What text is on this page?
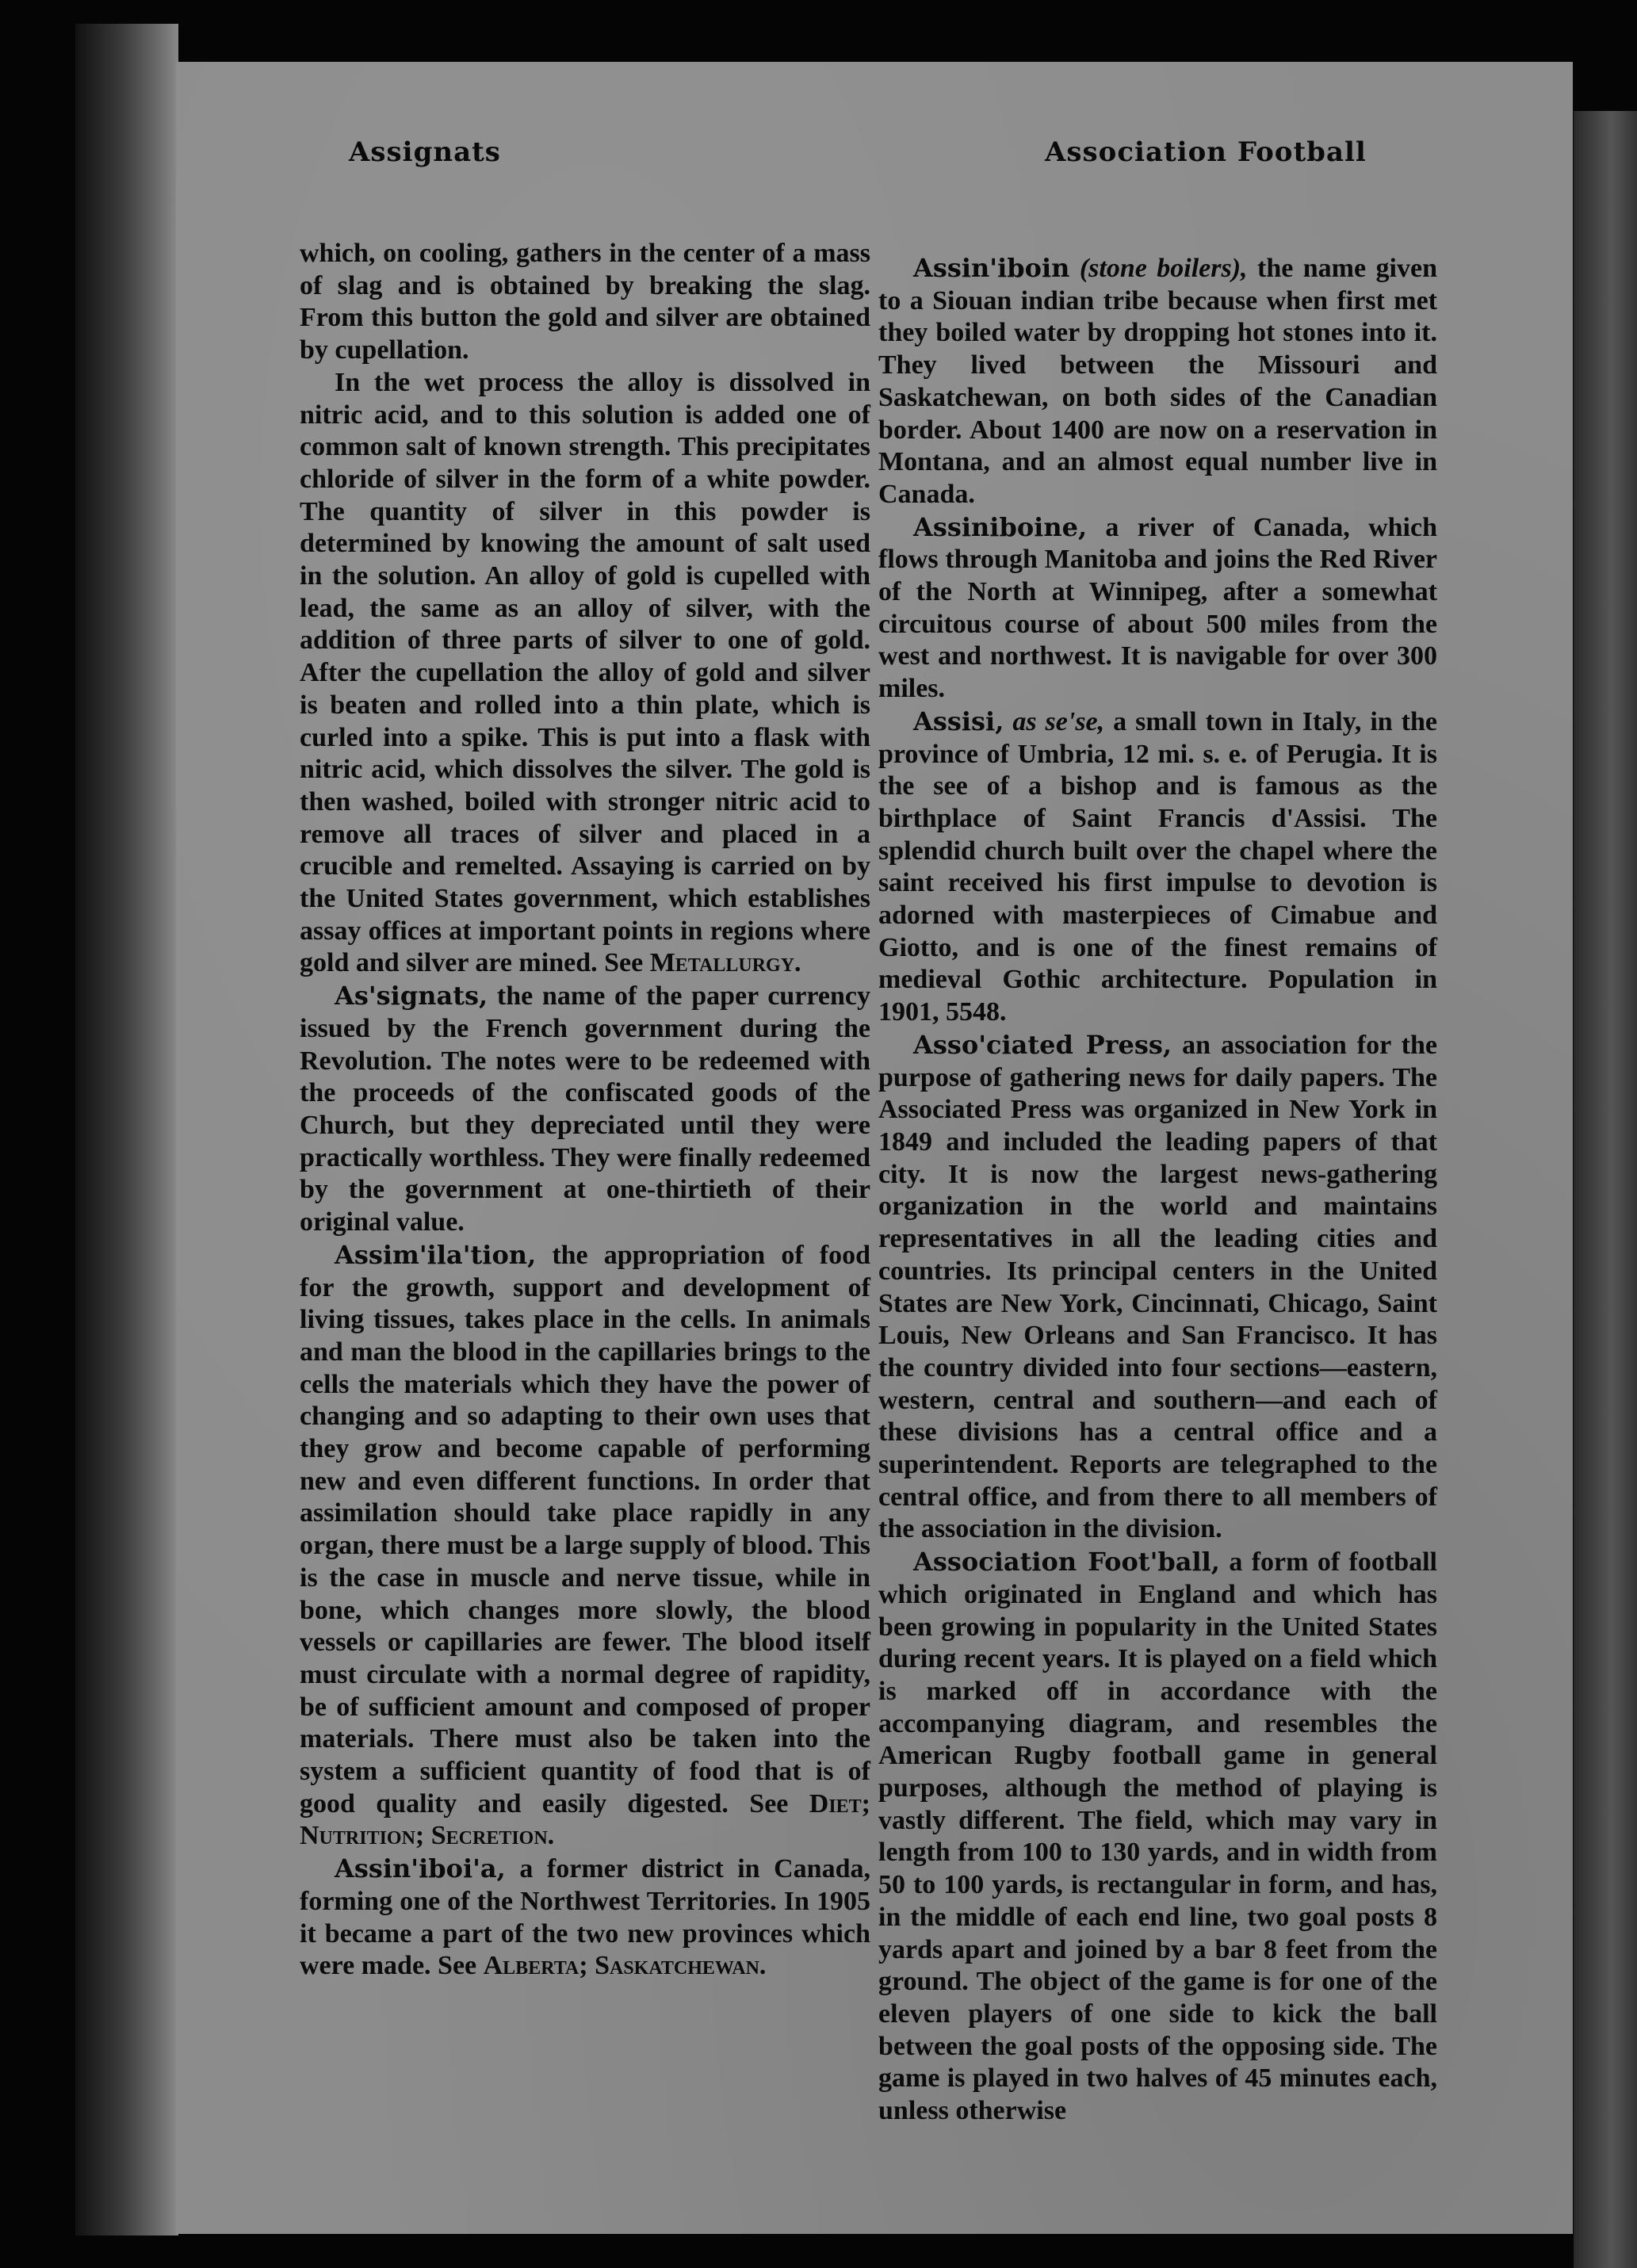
Assignats	Association Football

which, on cooling, gathers in the center of a mass of slag and is obtained by breaking the slag. From this button the gold and silver are obtained by cupellation.

In the wet process the alloy is dissolved in nitric acid, and to this solution is added one of common salt of known strength. This precipitates chloride of silver in the form of a white powder. The quantity of silver in this powder is determined by knowing the amount of salt used in the solution. An alloy of gold is cupelled with lead, the same as an alloy of silver, with the addition of three parts of silver to one of gold. After the cupellation the alloy of gold and silver is beaten and rolled into a thin plate, which is curled into a spike. This is put into a flask with nitric acid, which dissolves the silver. The gold is then washed, boiled with stronger nitric acid to remove all traces of silver and placed in a crucible and remelted. Assaying is carried on by the United States government, which establishes assay offices at important points in regions where gold and silver are mined. See Metallurgy.

As'signats, the name of the paper currency issued by the French government during the Revolution. The notes were to be redeemed with the proceeds of the confiscated goods of the Church, but they depreciated until they were practically worthless. They were finally redeemed by the government at one-thirtieth of their original value.

Assim'ila'tion, the appropriation of food for the growth, support and development of living tissues, takes place in the cells. In animals and man the blood in the capillaries brings to the cells the materials which they have the power of changing and so adapting to their own uses that they grow and become capable of performing new and even different functions. In order that assimilation should take place rapidly in any organ, there must be a large supply of blood. This is the case in muscle and nerve tissue, while in bone, which changes more slowly, the blood vessels or capillaries are fewer. The blood itself must circulate with a normal degree of rapidity, be of sufficient amount and composed of proper materials. There must also be taken into the system a sufficient quantity of food that is of good quality and easily digested. See Diet; Nutrition; Secretion.

Assin'iboi'a, a former district in Canada, forming one of the Northwest Territories. In 1905 it became a part of the two new provinces which were made. See Alberta; Saskatchewan.

Assin'iboin (stone boilers), the name given to a Siouan indian tribe because when first met they boiled water by dropping hot stones into it. They lived between the Missouri and Saskatchewan, on both sides of the Canadian border. About 1400 are now on a reservation in Montana, and an almost equal number live in Canada.

Assiniboine, a river of Canada, which flows through Manitoba and joins the Red River of the North at Winnipeg, after a somewhat circuitous course of about 500 miles from the west and northwest. It is navigable for over 300 miles.

Assisi, as se'se, a small town in Italy, in the province of Umbria, 12 mi. s. e. of Perugia. It is the see of a bishop and is famous as the birthplace of Saint Francis d'Assisi. The splendid church built over the chapel where the saint received his first impulse to devotion is adorned with masterpieces of Cimabue and Giotto, and is one of the finest remains of medieval Gothic architecture. Population in 1901, 5548.

Asso'ciated Press, an association for the purpose of gathering news for daily papers. The Associated Press was organized in New York in 1849 and included the leading papers of that city. It is now the largest news-gathering organization in the world and maintains representatives in all the leading cities and countries. Its principal centers in the United States are New York, Cincinnati, Chicago, Saint Louis, New Orleans and San Francisco. It has the country divided into four sections—eastern, western, central and southern—and each of these divisions has a central office and a superintendent. Reports are telegraphed to the central office, and from there to all members of the association in the division.

Association Foot'ball, a form of football which originated in England and which has been growing in popularity in the United States during recent years. It is played on a field which is marked off in accordance with the accompanying diagram, and resembles the American Rugby football game in general purposes, although the method of playing is vastly different. The field, which may vary in length from 100 to 130 yards, and in width from 50 to 100 yards, is rectangular in form, and has, in the middle of each end line, two goal posts 8 yards apart and joined by a bar 8 feet from the ground. The object of the game is for one of the eleven players of one side to kick the ball between the goal posts of the opposing side. The game is played in two halves of 45 minutes each, unless otherwise
